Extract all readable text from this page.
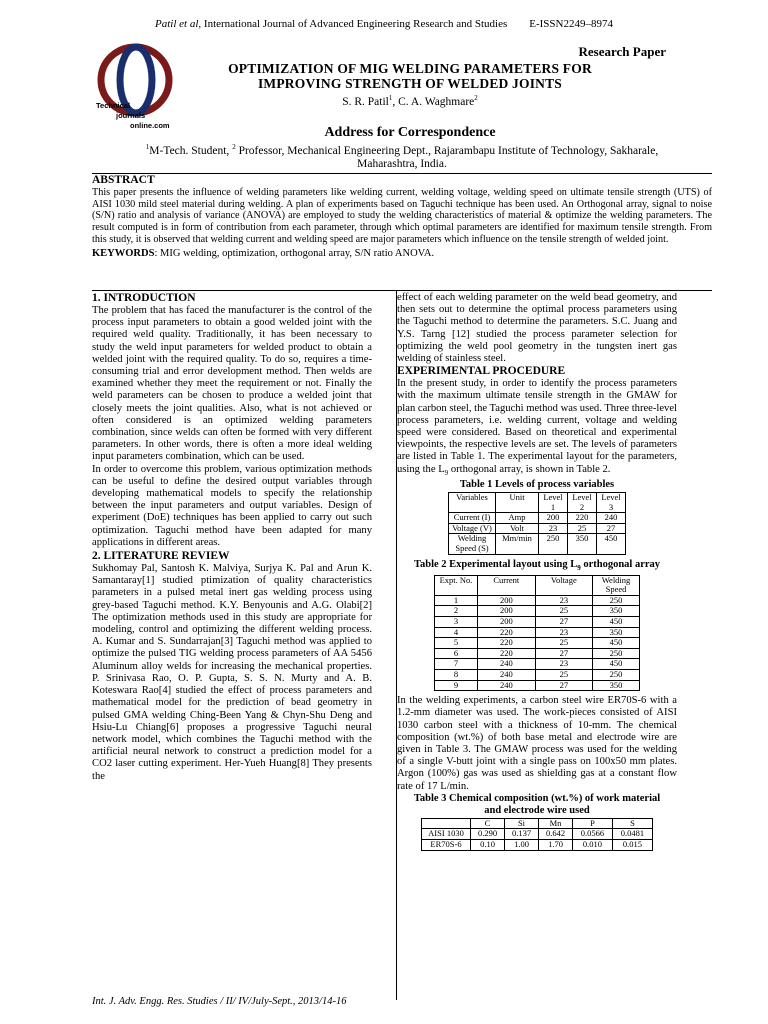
Patil et al, International Journal of Advanced Engineering Research and Studies E-ISSN2249–8974
Technical
journals
online.com
Research Paper
OPTIMIZATION OF MIG WELDING PARAMETERS FOR
IMPROVING STRENGTH OF WELDED JOINTS
S. R. Patil$^1$, C. A. Waghmare$^2$
Address for Correspondence
$^1$M-Tech. Student, $^2$ Professor, Mechanical Engineering Dept., Rajarambapu Institute of Technology, Sakharale,
Maharashtra, India.
ABSTRACT
This paper presents the influence of welding parameters like welding current, welding voltage, welding speed on ultimate tensile strength (UTS) of AISI 1030 mild steel material during welding. A plan of experiments based on Taguchi technique has been used. An Orthogonal array, signal to noise (S/N) ratio and analysis of variance (ANOVA) are employed to study the welding characteristics of material & optimize the welding parameters. The result computed is in form of contribution from each parameter, through which optimal parameters are identified for maximum tensile strength. From this study, it is observed that welding current and welding speed are major parameters which influence on the tensile strength of welded joint.
KEYWORDS: MIG welding, optimization, orthogonal array, S/N ratio ANOVA.
1. INTRODUCTION

The problem that has faced the manufacturer is the control of the process input parameters to obtain a good welded joint with the required weld quality. Traditionally, it has been necessary to study the weld input parameters for welded product to obtain a welded joint with the required quality. To do so, requires a time-consuming trial and error development method. Then welds are examined whether they meet the requirement or not. Finally the weld parameters can be chosen to produce a welded joint that closely meets the joint qualities. Also, what is not achieved or often considered is an optimized welding parameters combination, since welds can often be formed with very different parameters. In other words, there is often a more ideal welding input parameters combination, which can be used.

In order to overcome this problem, various optimization methods can be useful to define the desired output variables through developing mathematical models to specify the relationship between the input parameters and output variables. Design of experiment (DoE) techniques has been applied to carry out such optimization. Taguchi method have been adapted for many applications in different areas.

2. LITERATURE REVIEW

Sukhomay Pal, Santosh K. Malviya, Surjya K. Pal and Arun K. Samantaray[1] studied ptimization of quality characteristics parameters in a pulsed metal inert gas welding process using grey-based Taguchi method. K.Y. Benyounis and A.G. Olabi[2] The optimization methods used in this study are appropriate for modeling, control and optimizing the different welding process. A. Kumar and S. Sundarrajan[3] Taguchi method was applied to optimize the pulsed TIG welding process parameters of AA 5456 Aluminum alloy welds for increasing the mechanical properties. P. Srinivasa Rao, O. P. Gupta, S. S. N. Murty and A. B. Koteswara Rao[4] studied the effect of process parameters and mathematical model for the prediction of bead geometry in pulsed GMA welding Ching-Been Yang & Chyn-Shu Deng and Hsiu-Lu Chiang[6] proposes a progressive Taguchi neural network model, which combines the Taguchi method with the artificial neural network to construct a prediction model for a CO2 laser cutting experiment. Her-Yueh Huang[8] They presents the

effect of each welding parameter on the weld bead geometry, and then sets out to determine the optimal process parameters using the Taguchi method to determine the parameters. S.C. Juang and Y.S. Tarng [12] studied the process parameter selection for optimizing the weld pool geometry in the tungsten inert gas welding of stainless steel.

EXPERIMENTAL PROCEDURE

In the present study, in order to identify the process parameters with the maximum ultimate tensile strength in the GMAW for plan carbon steel, the Taguchi method was used. Three three-level process parameters, i.e. welding current, voltage and welding speed were considered. Based on theoretical and experimental viewpoints, the respective levels are set. The levels of parameters are listed in Table 1. The experimental layout for the parameters, using the $L_9$ orthogonal array, is shown in Table 2.

Table 1 Levels of process variables
Variables	Unit	Level 1	Level 2	Level 3
Current (I)	Amp	200	220	240
Voltage (V)	Volt	23	25	27
Welding Speed (S)	Mm/min	250	350	450
Table 2 Experimental layout using $L_9$ orthogonal array
Expt. No.	Current	Voltage	Welding Speed
1	200	23	250
2	200	25	350
3	200	27	450
4	220	23	350
5	220	25	450
6	220	27	250
7	240	23	450
8	240	25	250
9	240	27	350

In the welding experiments, a carbon steel wire ER70S-6 with a 1.2-mm diameter was used. The work-pieces consisted of AISI 1030 carbon steel with a thickness of 10-mm. The chemical composition (wt.%) of both base metal and electrode wire are given in Table 3. The GMAW process was used for the welding of a single V-butt joint with a single pass on 100x50 mm plates. Argon (100%) gas was used as shielding gas at a constant flow rate of 17 L/min.

Table 3 Chemical composition (wt.%) of work material
and electrode wire used
	C	Si	Mn	P	S
AISI 1030	0.290	0.137	0.642	0.0566	0.0481
ER70S-6	0.10	1.00	1.70	0.010	0.015
Int. J. Adv. Engg. Res. Studies / II/ IV/July-Sept., 2013/14-16
